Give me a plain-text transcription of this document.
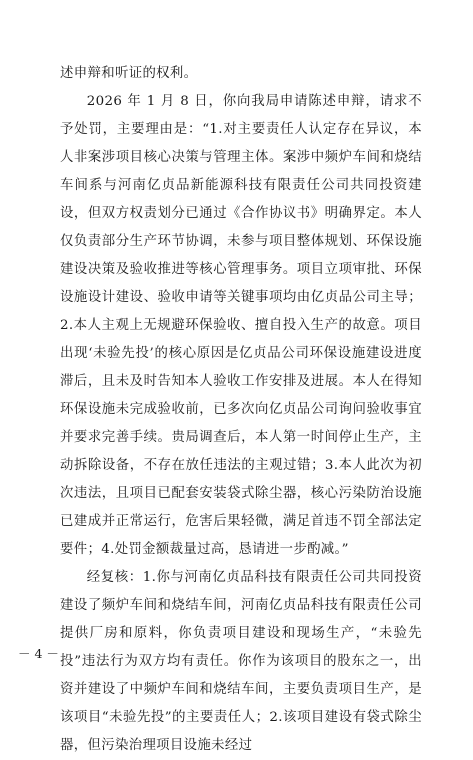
述申辩和听证的权利。

2026 年 1 月 8 日，你向我局申请陈述申辩，请求不予处罚，主要理由是：“1.对主要责任人认定存在异议，本人非案涉项目核心决策与管理主体。案涉中频炉车间和烧结车间系与河南亿贞品新能源科技有限责任公司共同投资建设，但双方权责划分已通过《合作协议书》明确界定。本人仅负责部分生产环节协调，未参与项目整体规划、环保设施建设决策及验收推进等核心管理事务。项目立项审批、环保设施设计建设、验收申请等关键事项均由亿贞品公司主导；2.本人主观上无规避环保验收、擅自投入生产的故意。项目出现‘未验先投’的核心原因是亿贞品公司环保设施建设进度滞后，且未及时告知本人验收工作安排及进展。本人在得知环保设施未完成验收前，已多次向亿贞品公司询问验收事宜并要求完善手续。贵局调查后，本人第一时间停止生产，主动拆除设备，不存在放任违法的主观过错；3.本人此次为初次违法，且项目已配套安装袋式除尘器，核心污染防治设施已建成并正常运行，危害后果轻微，满足首违不罚全部法定要件；4.处罚金额裁量过高，恳请进一步酌减。”

经复核：1.你与河南亿贞品科技有限责任公司共同投资建设了频炉车间和烧结车间，河南亿贞品科技有限责任公司提供厂房和原料，你负责项目建设和现场生产，“未验先投”违法行为双方均有责任。你作为该项目的股东之一，出资并建设了中频炉车间和烧结车间，主要负责项目生产，是该项目“未验先投”的主要责任人；2.该项目建设有袋式除尘器，但污染治理项目设施未经过

－ 4 －
